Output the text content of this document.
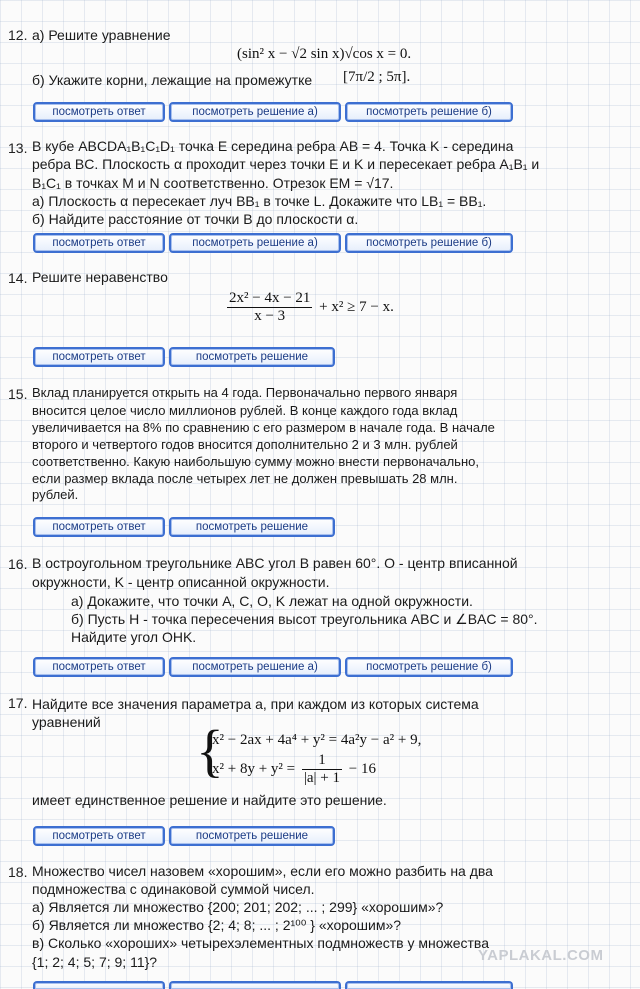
12. а) Решите уравнение
(sin² x − √2 sin x)√cos x = 0.
б) Укажите корни, лежащие на промежутке [7π/2 ; 5π].
посмотреть ответ	посмотреть решение а)	посмотреть решение б)
13. В кубе ABCDA₁B₁C₁D₁ точка E середина ребра AB = 4. Точка K - середина
ребра BC. Плоскость α проходит через точки E и K и пересекает ребра A₁B₁ и
B₁C₁ в точках M и N соответственно. Отрезок EM = √17.
а) Плоскость α пересекает луч BB₁ в точке L. Докажите что LB₁ = BB₁.
б) Найдите расстояние от точки B до плоскости α.
посмотреть ответ	посмотреть решение а)	посмотреть решение б)
14. Решите неравенство
$\frac{\text{2x² − 4x − 21}}{x - 3} + x^2 \ge 7 - x$.
посмотреть ответ	посмотреть решение
15. Вклад планируется открыть на 4 года. Первоначально первого января
вносится целое число миллионов рублей. В конце каждого года вклад
увеличивается на 8% по сравнению с его размером в начале года. В начале
второго и четвертого годов вносится дополнительно 2 и 3 млн. рублей
соответственно. Какую наибольшую сумму можно внести первоначально,
если размер вклада после четырех лет не должен превышать 28 млн.
рублей.
посмотреть ответ	посмотреть решение
16. В остроугольном треугольнике ABC угол B равен 60°. O - центр вписанной
окружности, K - центр описанной окружности.
а) Докажите, что точки A, C, O, K лежат на одной окружности.
б) Пусть H - точка пересечения высот треугольника ABC и ∠BAC = 80°.
Найдите угол OHK.
посмотреть ответ	посмотреть решение а)	посмотреть решение б)
17. Найдите все значения параметра a, при каждом из которых система
уравнений	{
x² − 2ax + 4a⁴ + y² = 4a²y − a² + 9,
$x^2 + 8y + y^2 = \frac{1}{|a| + 1} - 16$
имеет единственное решение и найдите это решение.
посмотреть ответ	посмотреть решение
18. Множество чисел назовем «хорошим», если его можно разбить на два
подмножества с одинаковой суммой чисел.
а) Является ли множество {200; 201; 202; ... ; 299} «хорошим»?
б) Является ли множество {2; 4; 8; ... ; 2¹⁰⁰ } «хорошим»?
в) Сколько «хороших» четырехэлементных подмножеств у множества
{1; 2; 4; 5; 7; 9; 11}?	YAPLAKAL.COM
